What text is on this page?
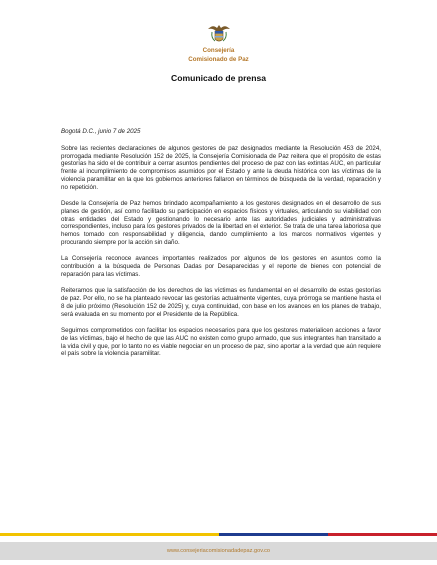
Consejería
Comisionado de Paz
Comunicado de prensa

Bogotá D.C., junio 7 de 2025

Sobre las recientes declaraciones de algunos gestores de paz designados mediante la Resolución 453 de 2024, prorrogada mediante Resolución 152 de 2025, la Consejería Comisionada de Paz reitera que el propósito de estas gestorías ha sido el de contribuir a cerrar asuntos pendientes del proceso de paz con las extintas AUC, en particular frente al incumplimiento de compromisos asumidos por el Estado y ante la deuda histórica con las víctimas de la violencia paramilitar en la que los gobiernos anteriores fallaron en términos de búsqueda de la verdad, reparación y no repetición.

Desde la Consejería de Paz hemos brindado acompañamiento a los gestores designados en el desarrollo de sus planes de gestión, así como facilitado su participación en espacios físicos y virtuales, articulando su viabilidad con otras entidades del Estado y gestionando lo necesario ante las autoridades judiciales y administrativas correspondientes, incluso para los gestores privados de la libertad en el exterior. Se trata de una tarea laboriosa que hemos tomado con responsabilidad y diligencia, dando cumplimiento a los marcos normativos vigentes y procurando siempre por la acción sin daño.

La Consejería reconoce avances importantes realizados por algunos de los gestores en asuntos como la contribución a la búsqueda de Personas Dadas por Desaparecidas y el reporte de bienes con potencial de reparación para las víctimas.

Reiteramos que la satisfacción de los derechos de las víctimas es fundamental en el desarrollo de estas gestorías de paz. Por ello, no se ha planteado revocar las gestorías actualmente vigentes, cuya prórroga se mantiene hasta el 8 de julio próximo (Resolución 152 de 2025) y, cuya continuidad, con base en los avances en los planes de trabajo, será evaluada en su momento por el Presidente de la República.

Seguimos comprometidos con facilitar los espacios necesarios para que los gestores materialicen acciones a favor de las víctimas, bajo el hecho de que las AUC no existen como grupo armado, que sus integrantes han transitado a la vida civil y que, por lo tanto no es viable negociar en un proceso de paz, sino aportar a la verdad que aún requiere el país sobre la violencia paramilitar.

www.consejeriacomisionadadepaz.gov.co
